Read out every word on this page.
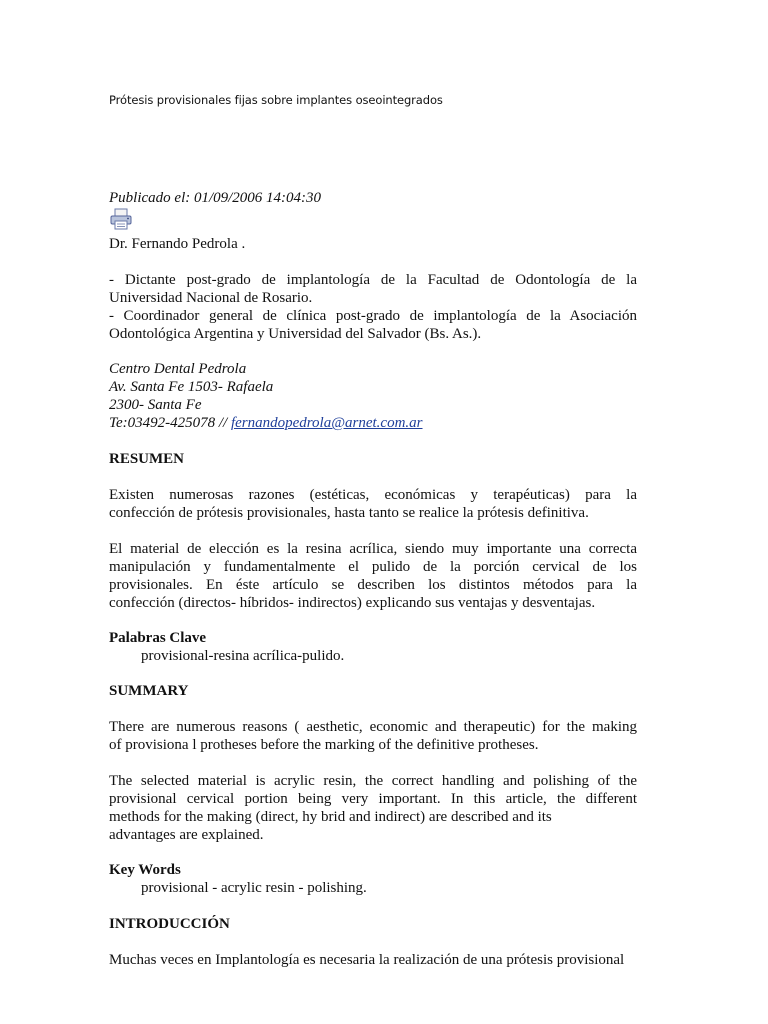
Prótesis provisionales fijas sobre implantes oseointegrados
Publicado el: 01/09/2006 14:04:30
Dr. Fernando Pedrola .
- Dictante post-grado de implantología de la Facultad de Odontología de la
Universidad Nacional de Rosario.
- Coordinador general de clínica post-grado de implantología de la Asociación
Odontológica Argentina y Universidad del Salvador (Bs. As.).
Centro Dental Pedrola
Av. Santa Fe 1503- Rafaela
2300- Santa Fe
Te:03492-425078 // fernandopedrola@arnet.com.ar
RESUMEN
Existen numerosas razones (estéticas, económicas y terapéuticas) para la
confección de prótesis provisionales, hasta tanto se realice la prótesis definitiva.
El material de elección es la resina acrílica, siendo muy importante una correcta
manipulación y fundamentalmente el pulido de la porción cervical de los
provisionales. En éste artículo se describen los distintos métodos para la
confección (directos- híbridos- indirectos) explicando sus ventajas y desventajas.
Palabras Clave
provisional-resina acrílica-pulido.
SUMMARY
There are numerous reasons ( aesthetic, economic and therapeutic) for the making
of provisiona l protheses before the marking of the definitive protheses.
The selected material is acrylic resin, the correct handling and polishing of the
provisional cervical portion being very important. In this article, the different
methods for the making (direct, hy brid and indirect) are described and its
advantages are explained.
Key Words
provisional - acrylic resin - polishing.
INTRODUCCIÓN
Muchas veces en Implantología es necesaria la realización de una prótesis provisional
